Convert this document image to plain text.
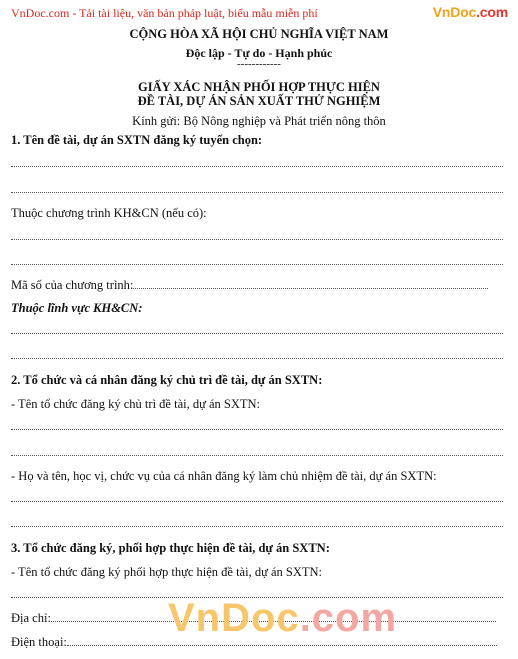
VnDoc.com - Tải tài liệu, văn bản pháp luật, biểu mẫu miễn phí	VnDoc.com
CỘNG HÒA XÃ HỘI CHỦ NGHĨA VIỆT NAM
Độc lập - Tự do - Hạnh phúc
------------
GIẤY XÁC NHẬN PHỐI HỢP THỰC HIỆN
ĐỀ TÀI, DỰ ÁN SẢN XUẤT THỬ NGHIỆM
Kính gửi: Bộ Nông nghiệp và Phát triển nông thôn
1. Tên đề tài, dự án SXTN đăng ký tuyển chọn:
Thuộc chương trình KH&CN (nếu có):
Mã số của chương trình:
Thuộc lĩnh vực KH&CN:
2. Tổ chức và cá nhân đăng ký chủ trì đề tài, dự án SXTN:
- Tên tổ chức đăng ký chủ trì đề tài, dự án SXTN:
- Họ và tên, học vị, chức vụ của cá nhân đăng ký làm chủ nhiệm đề tài, dự án SXTN:
3. Tổ chức đăng ký, phối hợp thực hiện đề tài, dự án SXTN:
- Tên tổ chức đăng ký phối hợp thực hiện đề tài, dự án SXTN:
Địa chỉ:
Điện thoại:
VnDoc.com
